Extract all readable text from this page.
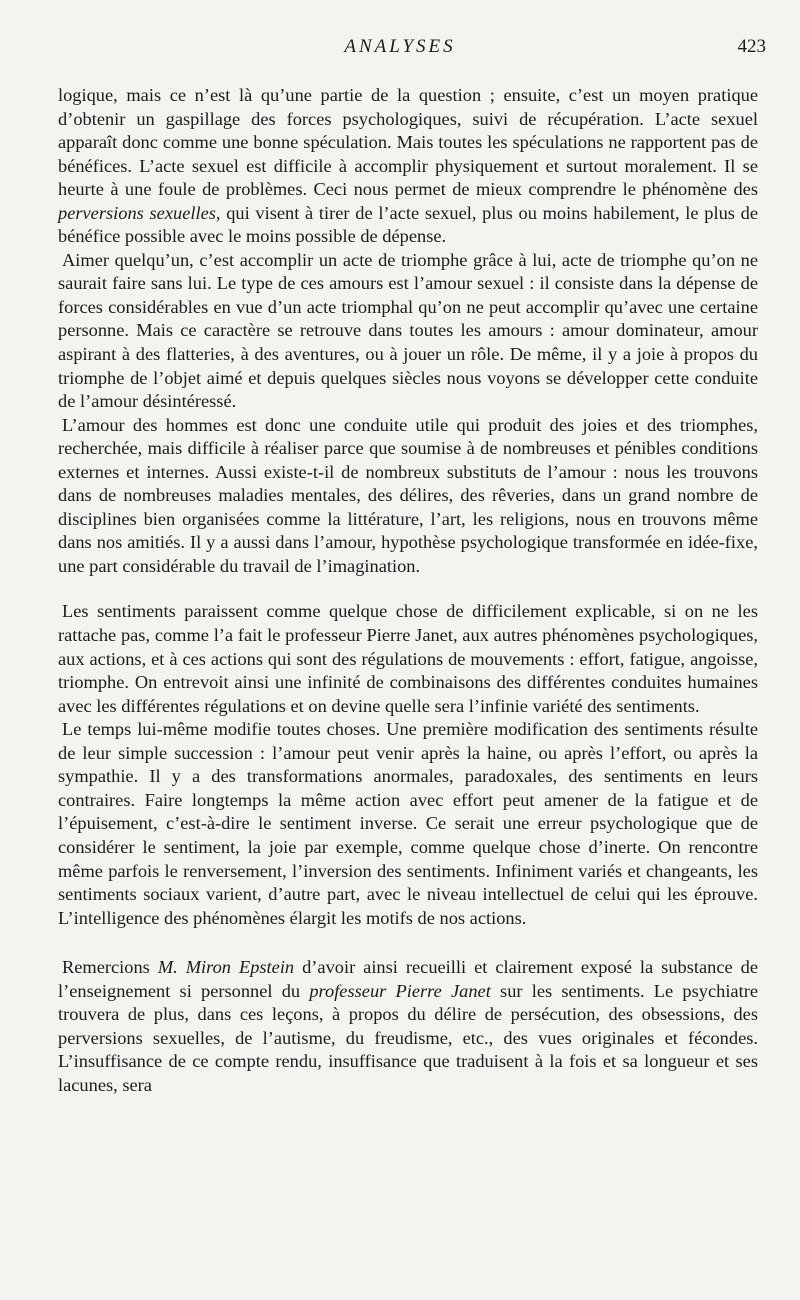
ANALYSES	423

logique, mais ce n’est là qu’une partie de la question ; ensuite, c’est un moyen pratique d’obtenir un gaspillage des forces psychologiques, suivi de récupération. L’acte sexuel apparaît donc comme une bonne spéculation. Mais toutes les spéculations ne rapportent pas de bénéfices. L’acte sexuel est difficile à accomplir physiquement et surtout moralement. Il se heurte à une foule de problèmes. Ceci nous permet de mieux comprendre le phénomène des perversions sexuelles, qui visent à tirer de l’acte sexuel, plus ou moins habilement, le plus de bénéfice possible avec le moins possible de dépense.

Aimer quelqu’un, c’est accomplir un acte de triomphe grâce à lui, acte de triomphe qu’on ne saurait faire sans lui. Le type de ces amours est l’amour sexuel : il consiste dans la dépense de forces considérables en vue d’un acte triomphal qu’on ne peut accomplir qu’avec une certaine personne. Mais ce caractère se retrouve dans toutes les amours : amour dominateur, amour aspirant à des flatteries, à des aventures, ou à jouer un rôle. De même, il y a joie à propos du triomphe de l’objet aimé et depuis quelques siècles nous voyons se développer cette conduite de l’amour désintéressé.

L’amour des hommes est donc une conduite utile qui produit des joies et des triomphes, recherchée, mais difficile à réaliser parce que soumise à de nombreuses et pénibles conditions externes et internes. Aussi existe-t-il de nombreux substituts de l’amour : nous les trouvons dans de nombreuses maladies mentales, des délires, des rêveries, dans un grand nombre de disciplines bien organisées comme la littérature, l’art, les religions, nous en trouvons même dans nos amitiés. Il y a aussi dans l’amour, hypothèse psychologique transformée en idée-fixe, une part considérable du travail de l’imagination.

Les sentiments paraissent comme quelque chose de difficilement explicable, si on ne les rattache pas, comme l’a fait le professeur Pierre Janet, aux autres phénomènes psychologiques, aux actions, et à ces actions qui sont des régulations de mouvements : effort, fatigue, angoisse, triomphe. On entrevoit ainsi une infinité de combinaisons des différentes conduites humaines avec les différentes régulations et on devine quelle sera l’infinie variété des sentiments.

Le temps lui-même modifie toutes choses. Une première modification des sentiments résulte de leur simple succession : l’amour peut venir après la haine, ou après l’effort, ou après la sympathie. Il y a des transformations anormales, paradoxales, des sentiments en leurs contraires. Faire longtemps la même action avec effort peut amener de la fatigue et de l’épuisement, c’est-à-dire le sentiment inverse. Ce serait une erreur psychologique que de considérer le sentiment, la joie par exemple, comme quelque chose d’inerte. On rencontre même parfois le renversement, l’inversion des sentiments. Infiniment variés et changeants, les sentiments sociaux varient, d’autre part, avec le niveau intellectuel de celui qui les éprouve. L’intelligence des phénomènes élargit les motifs de nos actions.

Remercions M. Miron Epstein d’avoir ainsi recueilli et clairement exposé la substance de l’enseignement si personnel du professeur Pierre Janet sur les sentiments. Le psychiatre trouvera de plus, dans ces leçons, à propos du délire de persécution, des obsessions, des perversions sexuelles, de l’autisme, du freudisme, etc., des vues originales et fécondes. L’insuffisance de ce compte rendu, insuffisance que traduisent à la fois et sa longueur et ses lacunes, sera
